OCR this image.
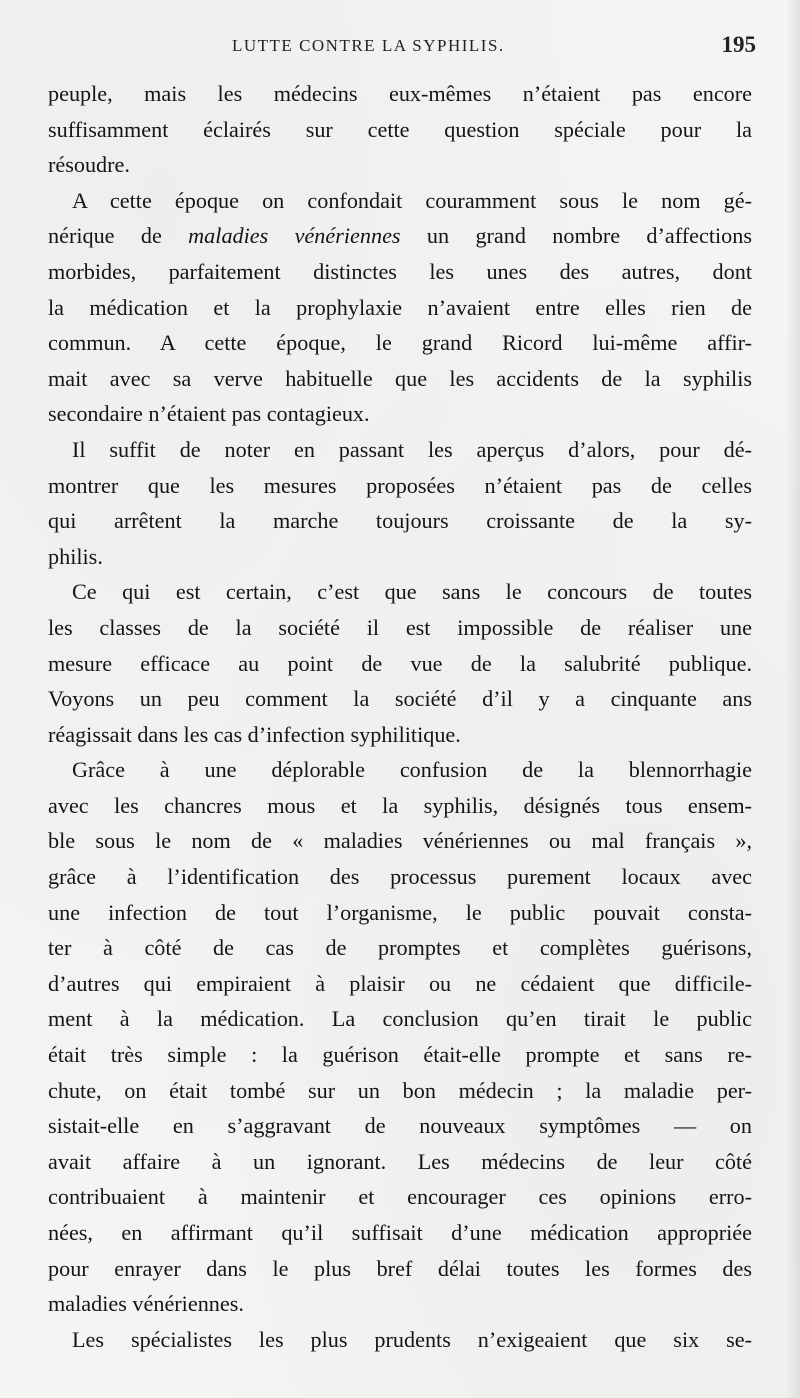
LUTTE CONTRE LA SYPHILIS.	195
peuple, mais les médecins eux-mêmes n’étaient pas encore
suffisamment éclairés sur cette question spéciale pour la
résoudre.
A cette époque on confondait couramment sous le nom gé-
nérique de maladies vénériennes un grand nombre d’affections
morbides, parfaitement distinctes les unes des autres, dont
la médication et la prophylaxie n’avaient entre elles rien de
commun. A cette époque, le grand Ricord lui-même affir-
mait avec sa verve habituelle que les accidents de la syphilis
secondaire n’étaient pas contagieux.
Il suffit de noter en passant les aperçus d’alors, pour dé-
montrer que les mesures proposées n’étaient pas de celles
qui arrêtent la marche toujours croissante de la sy-
philis.
Ce qui est certain, c’est que sans le concours de toutes
les classes de la société il est impossible de réaliser une
mesure efficace au point de vue de la salubrité publique.
Voyons un peu comment la société d’il y a cinquante ans
réagissait dans les cas d’infection syphilitique.
Grâce à une déplorable confusion de la blennorrhagie
avec les chancres mous et la syphilis, désignés tous ensem-
ble sous le nom de « maladies vénériennes ou mal français »,
grâce à l’identification des processus purement locaux avec
une infection de tout l’organisme, le public pouvait consta-
ter à côté de cas de promptes et complètes guérisons,
d’autres qui empiraient à plaisir ou ne cédaient que difficile-
ment à la médication. La conclusion qu’en tirait le public
était très simple : la guérison était-elle prompte et sans re-
chute, on était tombé sur un bon médecin ; la maladie per-
sistait-elle en s’aggravant de nouveaux symptômes — on
avait affaire à un ignorant. Les médecins de leur côté
contribuaient à maintenir et encourager ces opinions erro-
nées, en affirmant qu’il suffisait d’une médication appropriée
pour enrayer dans le plus bref délai toutes les formes des
maladies vénériennes.
Les spécialistes les plus prudents n’exigeaient que six se-
